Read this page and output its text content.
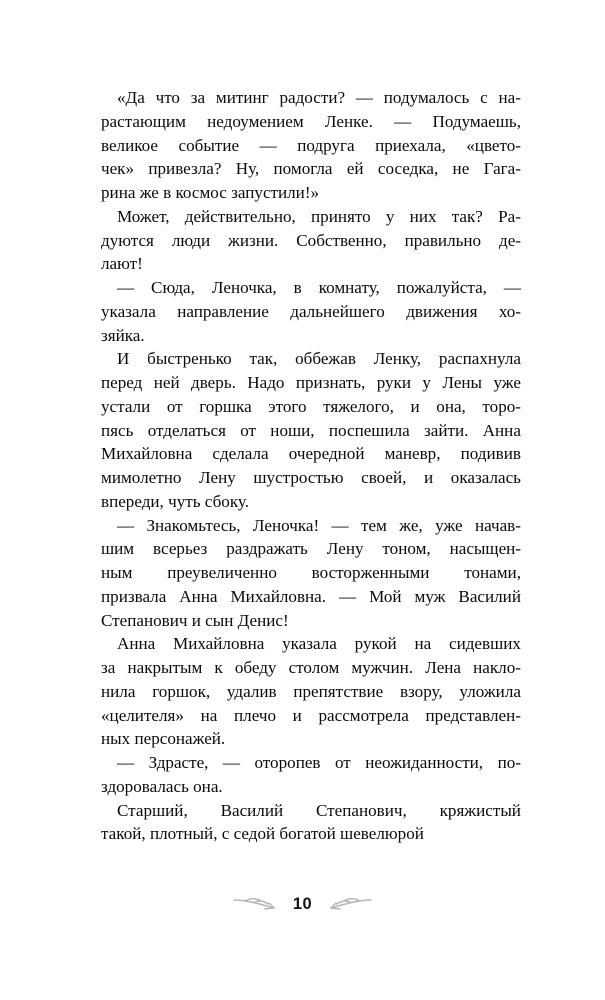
«Да что за митинг радости? — подумалось с на-
растающим недоумением Ленке. — Подумаешь,
великое событие — подруга приехала, «цвето-
чек» привезла? Ну, помогла ей соседка, не Гага-
рина же в космос запустили!»

Может, действительно, принято у них так? Ра-
дуются люди жизни. Собственно, правильно де-
лают!

— Сюда, Леночка, в комнату, пожалуйста, —
указала направление дальнейшего движения хо-
зяйка.

И быстренько так, оббежав Ленку, распахнула
перед ней дверь. Надо признать, руки у Лены уже
устали от горшка этого тяжелого, и она, торо-
пясь отделаться от ноши, поспешила зайти. Анна
Михайловна сделала очередной маневр, подивив
мимолетно Лену шустростью своей, и оказалась
впереди, чуть сбоку.

— Знакомьтесь, Леночка! — тем же, уже начав-
шим всерьез раздражать Лену тоном, насыщен-
ным преувеличенно восторженными тонами,
призвала Анна Михайловна. — Мой муж Василий
Степанович и сын Денис!

Анна Михайловна указала рукой на сидевших
за накрытым к обеду столом мужчин. Лена накло-
нила горшок, удалив препятствие взору, уложила
«целителя» на плечо и рассмотрела представлен-
ных персонажей.

— Здрасте, — оторопев от неожиданности, по-
здоровалась она.

Старший, Василий Степанович, кряжистый
такой, плотный, с седой богатой шевелюрой

10
